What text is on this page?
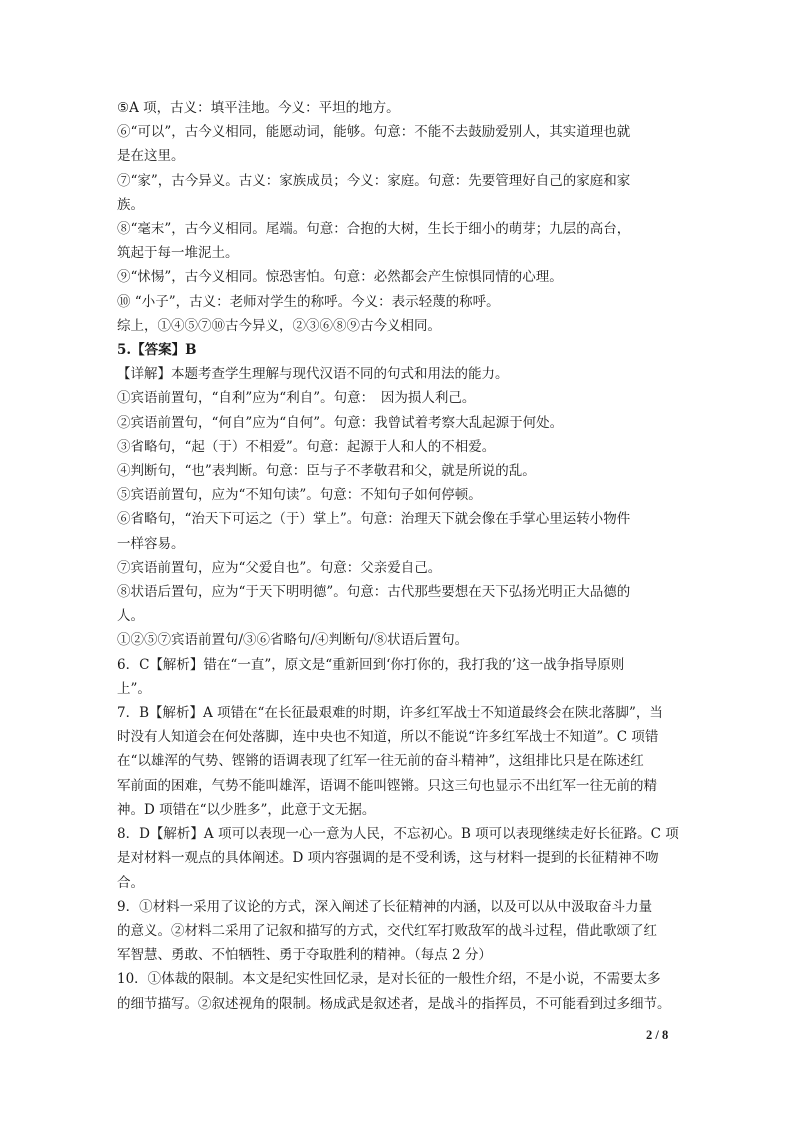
⑤A 项，古义：填平洼地。今义：平坦的地方。
⑥“可以”，古今义相同，能愿动词，能够。句意：不能不去鼓励爱别人，其实道理也就
是在这里。
⑦“家”，古今异义。古义：家族成员；今义：家庭。句意：先要管理好自己的家庭和家
族。
⑧“毫末”，古今义相同。尾端。句意：合抱的大树，生长于细小的萌芽；九层的高台，
筑起于每一堆泥土。
⑨“怵惕”，古今义相同。惊恐害怕。句意：必然都会产生惊惧同情的心理。
⑩ “小子”，古义：老师对学生的称呼。今义：表示轻蔑的称呼。
综上，①④⑤⑦⑩古今异义，②③⑥⑧⑨古今义相同。
5.【答案】B
【详解】本题考查学生理解与现代汉语不同的句式和用法的能力。
①宾语前置句，“自利”应为“利自”。句意：　因为损人利己。
②宾语前置句，“何自”应为“自何”。句意：我曾试着考察大乱起源于何处。
③省略句，“起（于）不相爱”。句意：起源于人和人的不相爱。
④判断句，“也”表判断。句意：臣与子不孝敬君和父，就是所说的乱。
⑤宾语前置句，应为“不知句读”。句意：不知句子如何停顿。
⑥省略句，“治天下可运之（于）掌上”。句意：治理天下就会像在手掌心里运转小物件
一样容易。
⑦宾语前置句，应为“父爱自也”。句意：父亲爱自己。
⑧状语后置句，应为“于天下明明德”。句意：古代那些要想在天下弘扬光明正大品德的
人。
①②⑤⑦宾语前置句/③⑥省略句/④判断句/⑧状语后置句。
6．C【解析】错在“一直”，原文是“重新回到‘你打你的，我打我的’这一战争指导原则
上”。
7．B【解析】A 项错在“在长征最艰难的时期，许多红军战士不知道最终会在陕北落脚”，当
时没有人知道会在何处落脚，连中央也不知道，所以不能说“许多红军战士不知道”。C 项错
在“以雄浑的气势、铿锵的语调表现了红军一往无前的奋斗精神”，这组排比只是在陈述红
军前面的困难，气势不能叫雄浑，语调不能叫铿锵。只这三句也显示不出红军一往无前的精
神。D 项错在“以少胜多”，此意于文无据。
8．D【解析】A 项可以表现一心一意为人民，不忘初心。B 项可以表现继续走好长征路。C 项
是对材料一观点的具体阐述。D 项内容强调的是不受利诱，这与材料一提到的长征精神不吻
合。
9．①材料一采用了议论的方式，深入阐述了长征精神的内涵，以及可以从中汲取奋斗力量
的意义。②材料二采用了记叙和描写的方式，交代红军打败敌军的战斗过程，借此歌颂了红
军智慧、勇敢、不怕牺牲、勇于夺取胜利的精神。（每点 2 分）
10．①体裁的限制。本文是纪实性回忆录，是对长征的一般性介绍，不是小说，不需要太多
的细节描写。②叙述视角的限制。杨成武是叙述者，是战斗的指挥员，不可能看到过多细节。
2 / 8
